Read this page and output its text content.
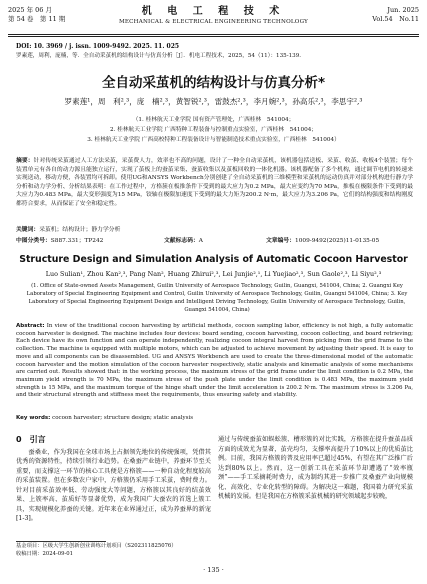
2025 年 06 月
第 54 卷　第 11 期
机 电 工 程 技 术
MECHANICAL & ELECTRICAL ENGINEERING TECHNOLOGY
Jun. 2025
Vol.54　No.11
DOI: 10. 3969 / j. issn. 1009-9492. 2025. 11. 025
罗素莲，周利，庞楠，等．全自动采茧机的结构设计与仿真分析［J］．机电工程技术，2025，54（11）：135-139.
全自动采茧机的结构设计与仿真分析*
罗素莲¹，周　利²,³，庞　楠²,³，黄智锐²,³，雷鼓杰²,³，李月婉²,³，孙高乐²,³，李思宇²,³
（1. 桂林航天工业学院 国有资产管理处，广西桂林　541004；
2. 桂林航天工业学院 广西特种工程装备与控制重点实验室，广西桂林　541004；
3. 桂林航天工业学院 广西高校特种工程装备设计与智能制造技术重点实验室，广西桂林　541004）
摘要：针对传统采茧通过人工方法采茧，采茧费人力，效率也不高的问题，设计了一种全自动采茧机，该机器包括送板、采茧、收茧、收板4个装置；每个装置单元有各自的动力源且能独立运行，实现了茧板上的蚕茧采集、蚕茧收集以及茧板回收的一体化机器。该机器配备了多个机构，通过调节电机的转速来实现送动，移动方便，各装置均可拆卸。使用UG和ANSYS Workbench分别创建了全自动采茧机的三维模型和采茧机的运动仿真并对部分机构进行静力学分析和动力学分析、分析结果表明：在工作过程中，方格簇在板推条件下受到的最大应力为0.2 MPa，最大应变约为70 MPa，推板在极限条件下受到的最大应力为0.483 MPa，最大变形强度为15 MPa，铰轴在极限加速度下受到的最大力矩为200.2 N·m，最大应力为3.206 Pa，它们的结构强度和结构刚度都符合要求，从而保证了安全和稳定性。
关键词：采茧机；结构设计；静力学分析
中图分类号：S887.331；TP242	文献标志码：A	文章编号：1009-9492(2025)11-0135-05
Structure Design and Simulation Analysis of Automatic Cocoon Harvestor
Luo Sulian¹, Zhou Kan²,³, Pang Nan², Huang Zhirui²,³, Lei Junjie²,¹, Li Yuejiao²,³, Sun Gaole²,³, Li Siyu²,³
(1. Office of State-owned Assets Management, Guilin University of Aerospace Technology, Guilin, Guangxi, 541004, China; 2. Guangxi Key Laboratory of Special Engineering Equipment and Control, Guilin University of Aerospace Technology, Guilin, Guangxi 541004, China; 3. Key Laboratory of Special Engineering Equipment Design and Intelligent Driving Technology, Guilin University of Aerospace Technology, Guilin, Guangxi 541004, China)
Abstract: In view of the traditional cocoon harvesting by artificial methods, cocoon sampling labor, efficiency is not high, a fully automatic cocoon harvester is designed. The machine includes four devices: board sending, cocoon harvesting, cocoon collecting, and board retrieving; Each device have its own function and can operate independently, realizing cocoon integral harvest from picking from the grid frame to the collection. The machine is equipped with multiple motors, which can be adjusted to achieve movement by adjusting their speed. It is easy to move and all components can be disassembled. UG and ANSYS Workbench are used to create the three-dimensional model of the automatic cocoon harvester and the motion simulation of the cocoon harvester respectively, static analysis and kinematic analysis of some mechanisms are carried out. Results showed that: in the working process, the maximum stress of the grid frame under the limit condition is 0.2 MPa, the maximum yield strength is 70 MPa, the maximum stress of the push plate under the limit condition is 0.483 MPa, the maximum yield strength is 15 MPa, and the maximum torque of the hinge shaft under the limit acceleration is 200.2 N·m. The maximum stress is 3.206 Pa, and their structural strength and stiffness meet the requirements, thus ensuring safety and stability.
Key words: cocoon harvester; structure design; static analysis
0　引言
蚕桑业，作为我国在全球市场上占据领先地位的传统强项，凭借其优秀的资源特性，持续引领行业趋势。在桑蚕产业链中，养蚕环节至关重要，而支撑这一环节的核心工具便是方格簇——一种自动化程度较高的采茧装置。但在多数农户家中，方格簇仍采用手工采茧，费时费力。针对目前采茧效率低、劳动强度大等问题，方格簇以其良好的结茧效果、上簇率高、茧质好等显著优势，成为我国广大蚕农的首选上簇工具，实现规模化养蚕的关键。近年来在业界通过正，成为养蚕界的新宠[1-3]。
通过与传统蚕茧如蜈蚣簇、槽形簇的对比实践，方格簇在提升蚕茧品质方面的成效尤为显著，茧壳均匀，支撑率高提升了10%以上的优质茧比例。目前，我国方格簇的普及应用率已超过45%，有望在其广泛推广后达到80%以上。然而，这一创新工具在采茧环节却遭遇了“效率瓶颈”——手工采摘耗时费力，成为制约其进一步推广及桑蚕产业向规模化、高效化、专业化转型的障碍。为解决这一难题，我国着力研究采茧机械的发展。但是我国在方格簇采茧机械的研究领域起步较晚，
基金项目：区级大学生创新创业训练计划项目（S202311825076）
收稿日期：2024-09-01
· 135 ·
